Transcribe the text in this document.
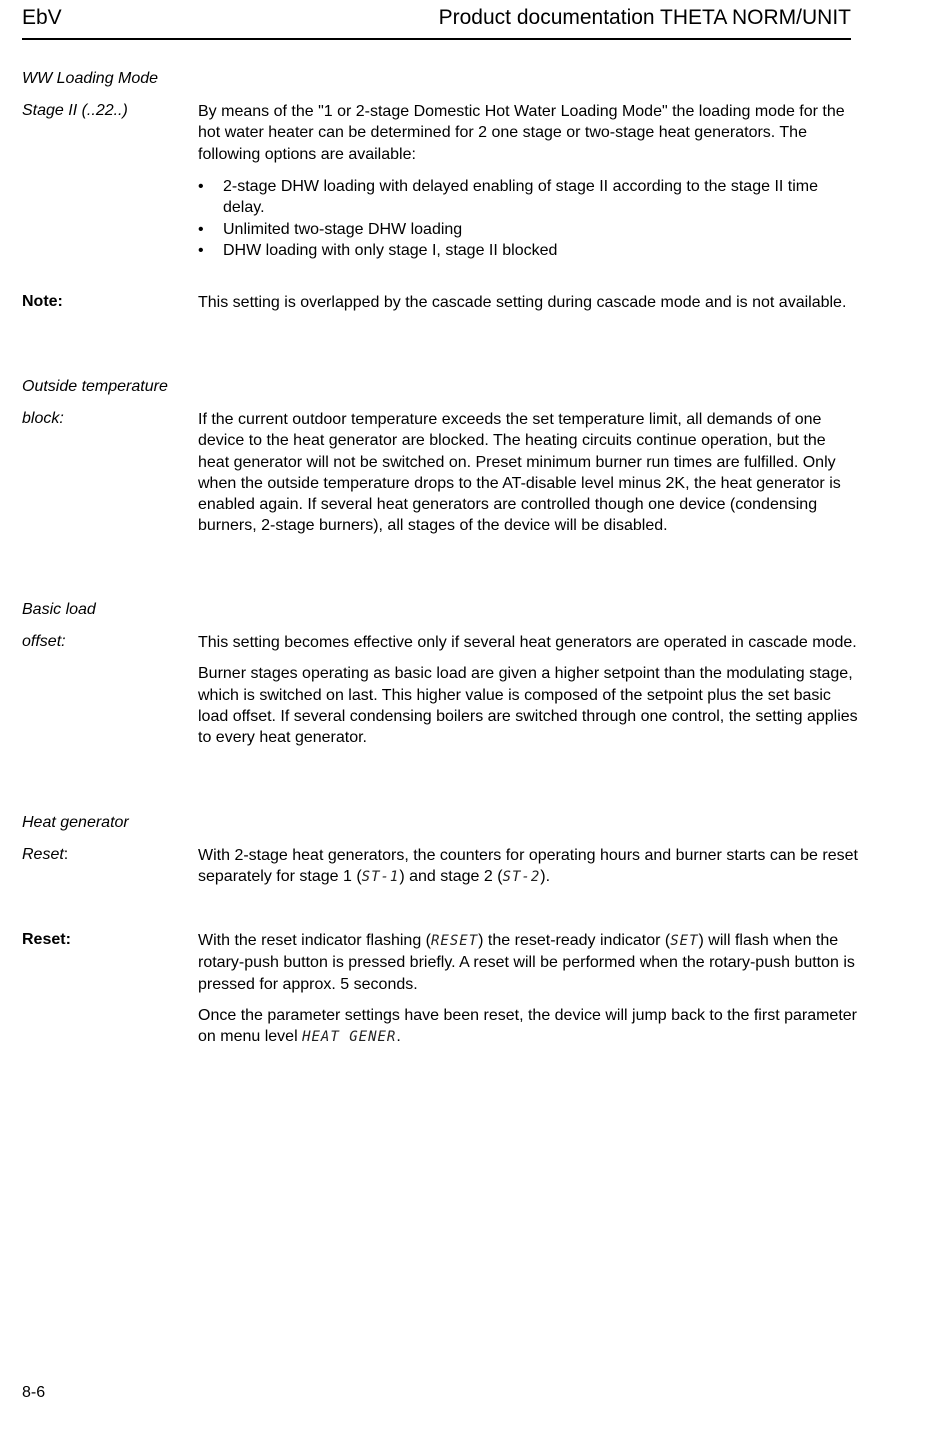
EbV	Product documentation THETA NORM/UNIT
WW Loading Mode
Stage II (..22..)	By means of the "1 or 2-stage Domestic Hot Water Loading Mode" the loading mode for the hot water heater can be determined for 2 one stage or two-stage heat generators. The following options are available:

• 2-stage DHW loading with delayed enabling of stage II according to the stage II time delay.
• Unlimited two-stage DHW loading
• DHW loading with only stage I, stage II blocked
Note:	This setting is overlapped by the cascade setting during cascade mode and is not available.

Outside temperature
block:	If the current outdoor temperature exceeds the set temperature limit, all demands of one device to the heat generator are blocked. The heating circuits continue operation, but the heat generator will not be switched on. Preset minimum burner run times are fulfilled. Only when the outside temperature drops to the AT-disable level minus 2K, the heat generator is enabled again. If several heat generators are controlled though one device (condensing burners, 2-stage burners), all stages of the device will be disabled.

Basic load
offset:	This setting becomes effective only if several heat generators are operated in cascade mode.

Burner stages operating as basic load are given a higher setpoint than the modulating stage, which is switched on last. This higher value is composed of the setpoint plus the set basic load offset. If several condensing boilers are switched through one control, the setting applies to every heat generator.

Heat generator
Reset:	With 2-stage heat generators, the counters for operating hours and burner starts can be reset separately for stage 1 (ST-1) and stage 2 (ST-2).

Reset:	With the reset indicator flashing (RESET) the reset-ready indicator (SET) will flash when the rotary-push button is pressed briefly. A reset will be performed when the rotary-push button is pressed for approx. 5 seconds.

Once the parameter settings have been reset, the device will jump back to the first parameter on menu level HEAT GENER.

8-6
